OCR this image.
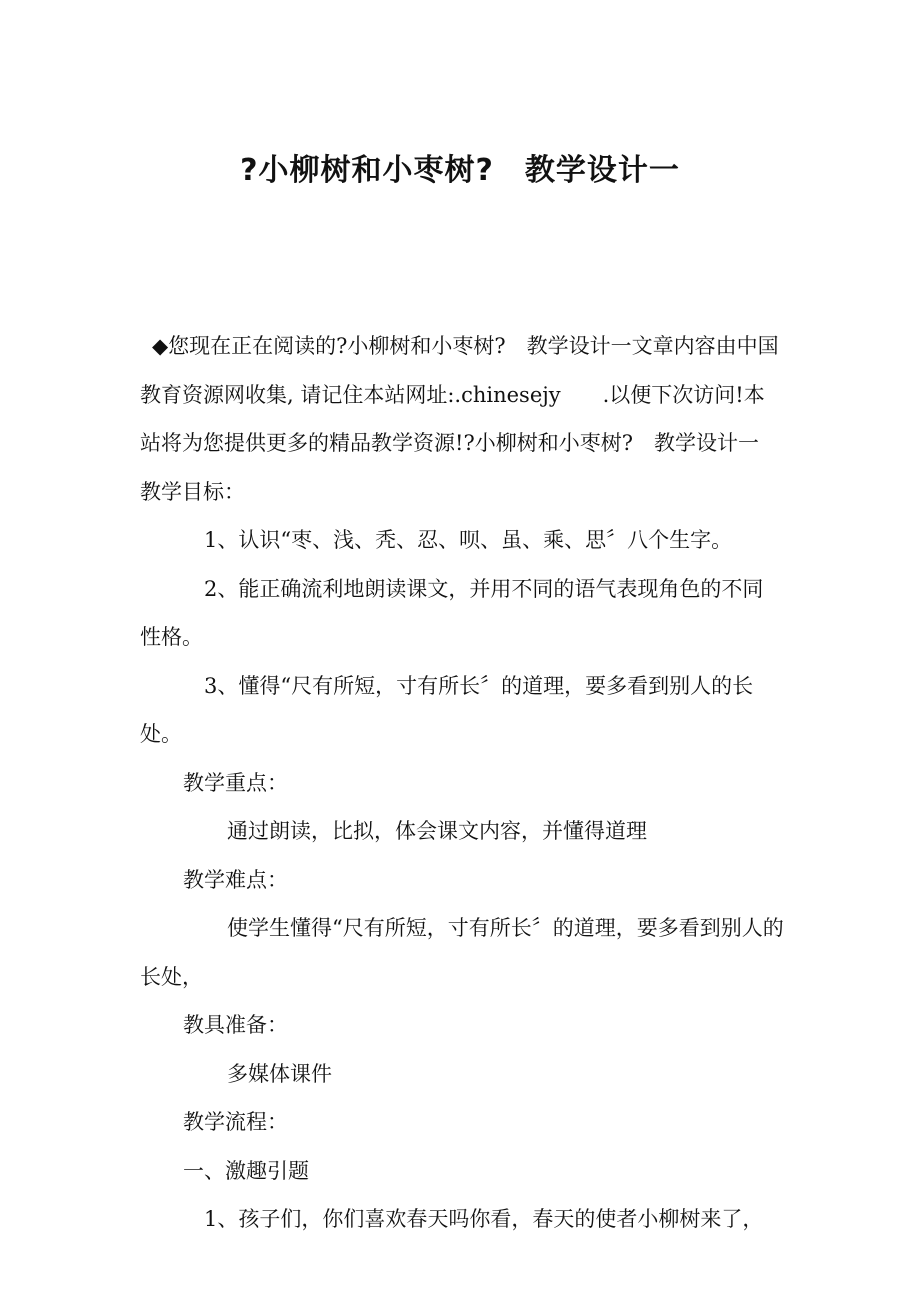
?小柳树和小枣树?　教学设计一

◆您现在正在阅读的?小柳树和小枣树?　教学设计一文章内容由中国教育资源网收集, 请记住本站网址:.chinesejy　　.以便下次访问!本站将为您提供更多的精品教学资源!?小柳树和小枣树?　教学设计一

教学目标：

1、认识“枣、浅、秃、忍、呗、虽、乘、思〞八个生字。

2、能正确流利地朗读课文，并用不同的语气表现角色的不同性格。

3、懂得“尺有所短，寸有所长〞的道理，要多看到别人的长处。

教学重点：

通过朗读，比拟，体会课文内容，并懂得道理

教学难点：

使学生懂得“尺有所短，寸有所长〞的道理，要多看到别人的长处，

教具准备：

多媒体课件

教学流程：

一、激趣引题

1、孩子们，你们喜欢春天吗你看，春天的使者小柳树来了，
